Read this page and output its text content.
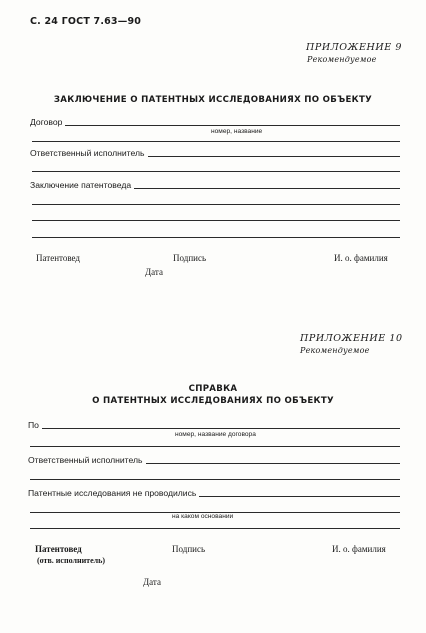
С. 24 ГОСТ 7.63—90
ПРИЛОЖЕНИЕ 9
Рекомендуемое
ЗАКЛЮЧЕНИЕ О ПАТЕНТНЫХ ИССЛЕДОВАНИЯХ ПО ОБЪЕКТУ
Договор
номер, название
Ответственный исполнитель
Заключение патентоведа
Патентовед	Подпись	И. о. фамилия
Дата
ПРИЛОЖЕНИЕ 10
Рекомендуемое
СПРАВКА
О ПАТЕНТНЫХ ИССЛЕДОВАНИЯХ ПО ОБЪЕКТУ
По
номер, название договора
Ответственный исполнитель
Патентные исследования не проводились
на каком основании
Патентовед
(отв. исполнитель)
Подпись	И. о. фамилия
Дата
